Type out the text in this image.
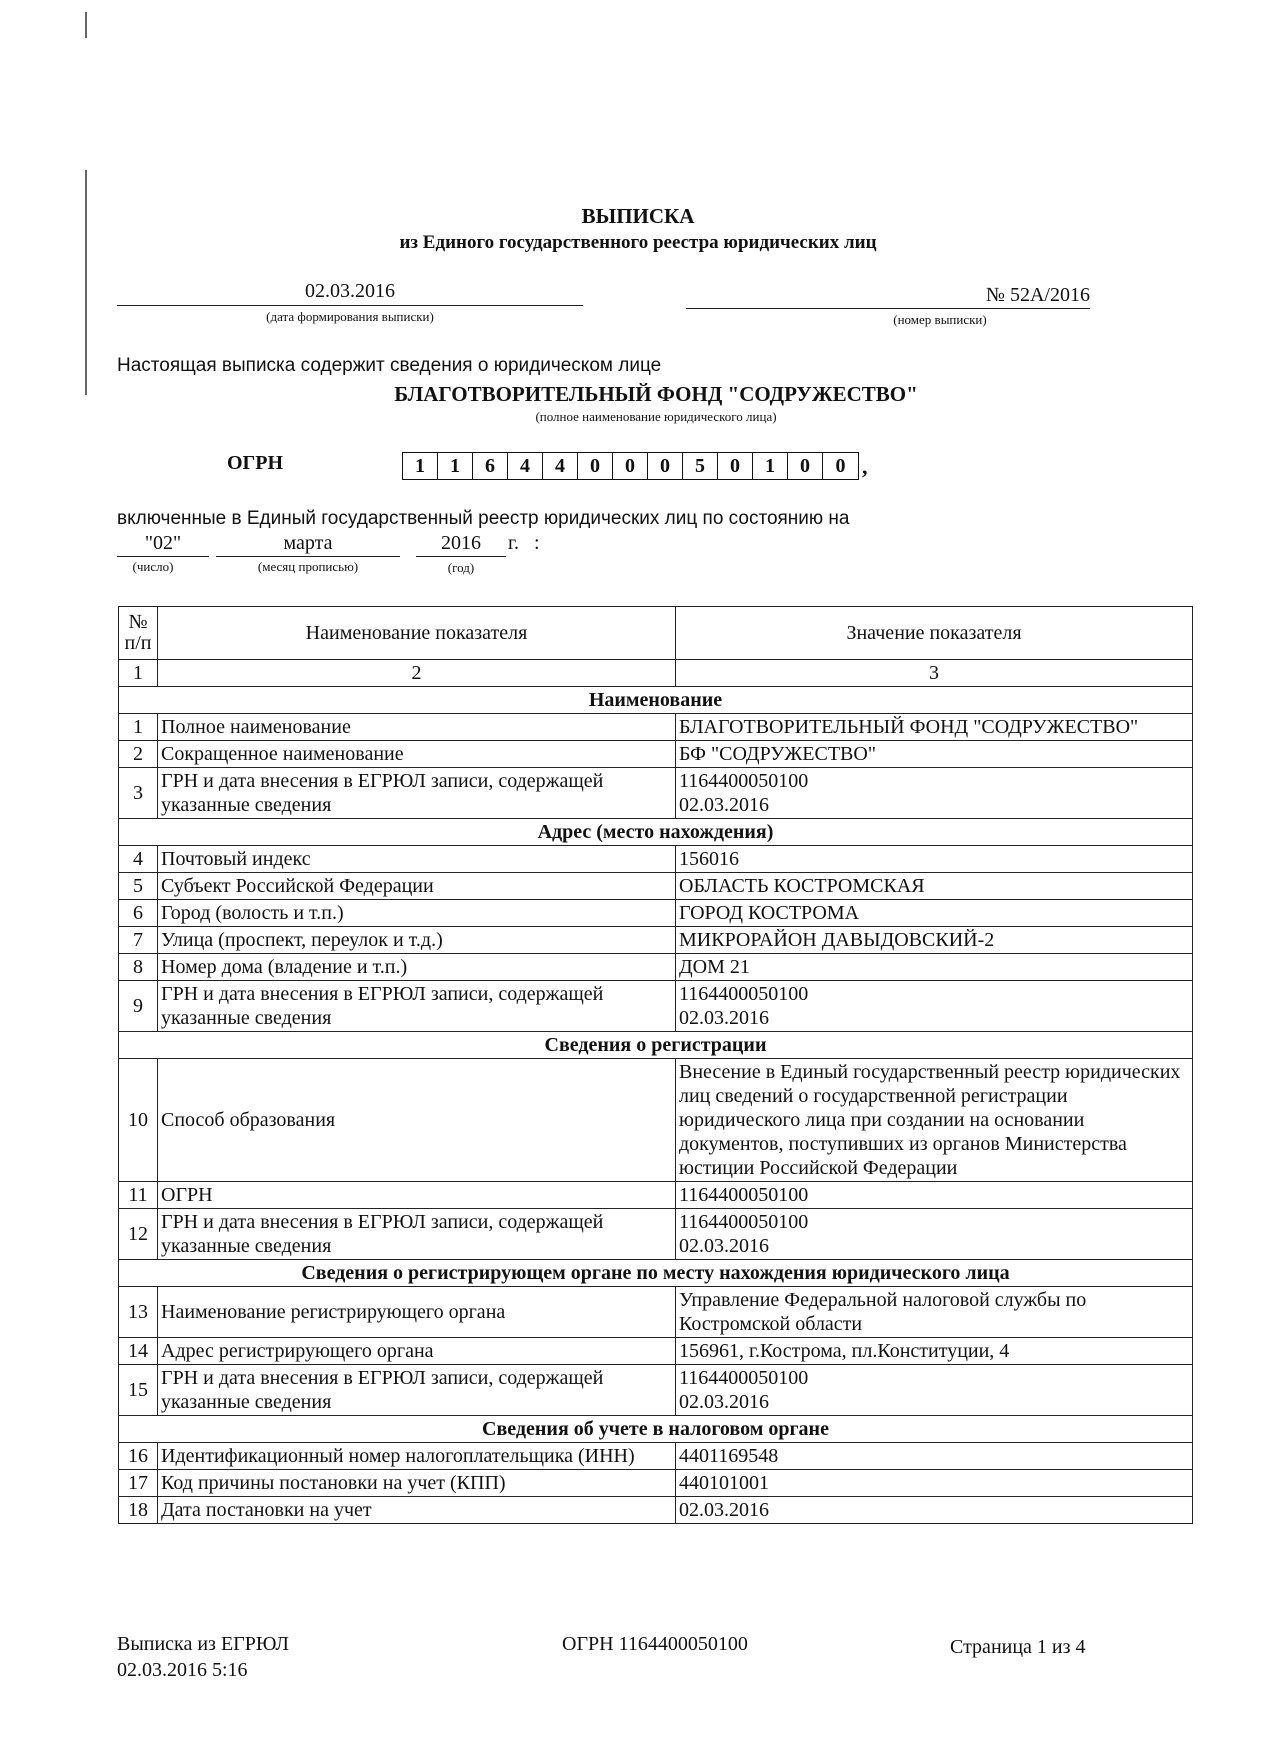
ВЫПИСКА
из Единого государственного реестра юридических лиц
02.03.2016
(дата формирования выписки)
№ 52А/2016
(номер выписки)
Настоящая выписка содержит сведения о юридическом лице
БЛАГОТВОРИТЕЛЬНЫЙ ФОНД "СОДРУЖЕСТВО"
(полное наименование юридического лица)
ОГРН	1	1	6	4	4	0	0	0	5	0	1	0	0 ,
включенные в Единый государственный реестр юридических лиц по состоянию на
"02"
(число)
марта
(месяц прописью)
2016	г.   :
(год)
№
п/п	Наименование показателя	Значение показателя
1	2	3
Наименование		
1	Полное наименование	БЛАГОТВОРИТЕЛЬНЫЙ ФОНД "СОДРУЖЕСТВО"
2	Сокращенное наименование	БФ "СОДРУЖЕСТВО"
3	ГРН и дата внесения в ЕГРЮЛ записи, содержащей указанные сведения	1164400050100
02.03.2016
Адрес (место нахождения)		
4	Почтовый индекс	156016
5	Субъект Российской Федерации	ОБЛАСТЬ КОСТРОМСКАЯ
6	Город (волость и т.п.)	ГОРОД КОСТРОМА
7	Улица (проспект, переулок и т.д.)	МИКРОРАЙОН ДАВЫДОВСКИЙ-2
8	Номер дома (владение и т.п.)	ДОМ 21
9	ГРН и дата внесения в ЕГРЮЛ записи, содержащей указанные сведения	1164400050100
02.03.2016
Сведения о регистрации		
10	Способ образования	Внесение в Единый государственный реестр юридических лиц сведений о государственной регистрации юридического лица при создании на основании документов, поступивших из органов Министерства юстиции Российской Федерации
11	ОГРН	1164400050100
12	ГРН и дата внесения в ЕГРЮЛ записи, содержащей указанные сведения	1164400050100
02.03.2016
Сведения о регистрирующем органе по месту нахождения юридического лица		
13	Наименование регистрирующего органа	Управление Федеральной налоговой службы по Костромской области
14	Адрес регистрирующего органа	156961, г.Кострома, пл.Конституции, 4
15	ГРН и дата внесения в ЕГРЮЛ записи, содержащей указанные сведения	1164400050100
02.03.2016
Сведения об учете в налоговом органе		
16	Идентификационный номер налогоплательщика (ИНН)	4401169548
17	Код причины постановки на учет (КПП)	440101001
18	Дата постановки на учет	02.03.2016
Выписка из ЕГРЮЛ
02.03.2016 5:16
ОГРН 1164400050100	Страница 1 из 4
